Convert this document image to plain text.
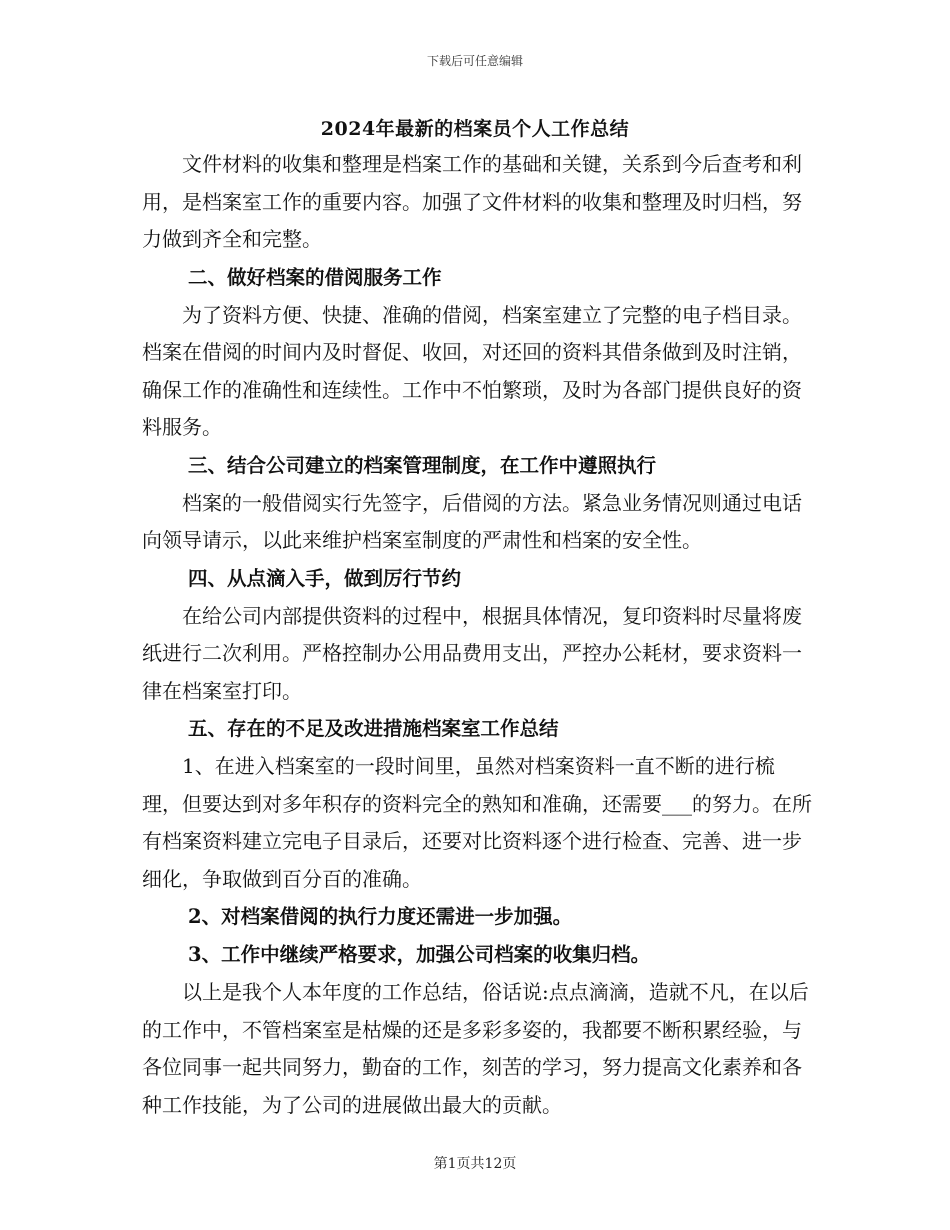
下载后可任意编辑
2024年最新的档案员个人工作总结

文件材料的收集和整理是档案工作的基础和关键，关系到今后查考和利用，是档案室工作的重要内容。加强了文件材料的收集和整理及时归档，努力做到齐全和完整。

二、做好档案的借阅服务工作

为了资料方便、快捷、准确的借阅，档案室建立了完整的电子档目录。档案在借阅的时间内及时督促、收回，对还回的资料其借条做到及时注销，确保工作的准确性和连续性。工作中不怕繁琐，及时为各部门提供良好的资料服务。

三、结合公司建立的档案管理制度，在工作中遵照执行

档案的一般借阅实行先签字，后借阅的方法。紧急业务情况则通过电话向领导请示，以此来维护档案室制度的严肃性和档案的安全性。

四、从点滴入手，做到厉行节约

在给公司内部提供资料的过程中，根据具体情况，复印资料时尽量将废纸进行二次利用。严格控制办公用品费用支出，严控办公耗材，要求资料一律在档案室打印。

五、存在的不足及改进措施档案室工作总结

1、在进入档案室的一段时间里，虽然对档案资料一直不断的进行梳理，但要达到对多年积存的资料完全的熟知和准确，还需要___的努力。在所有档案资料建立完电子目录后，还要对比资料逐个进行检查、完善、进一步细化，争取做到百分百的准确。

2、对档案借阅的执行力度还需进一步加强。

3、工作中继续严格要求，加强公司档案的收集归档。

以上是我个人本年度的工作总结，俗话说:点点滴滴，造就不凡，在以后的工作中，不管档案室是枯燥的还是多彩多姿的，我都要不断积累经验，与各位同事一起共同努力，勤奋的工作，刻苦的学习，努力提高文化素养和各种工作技能，为了公司的进展做出最大的贡献。

第1页共12页
